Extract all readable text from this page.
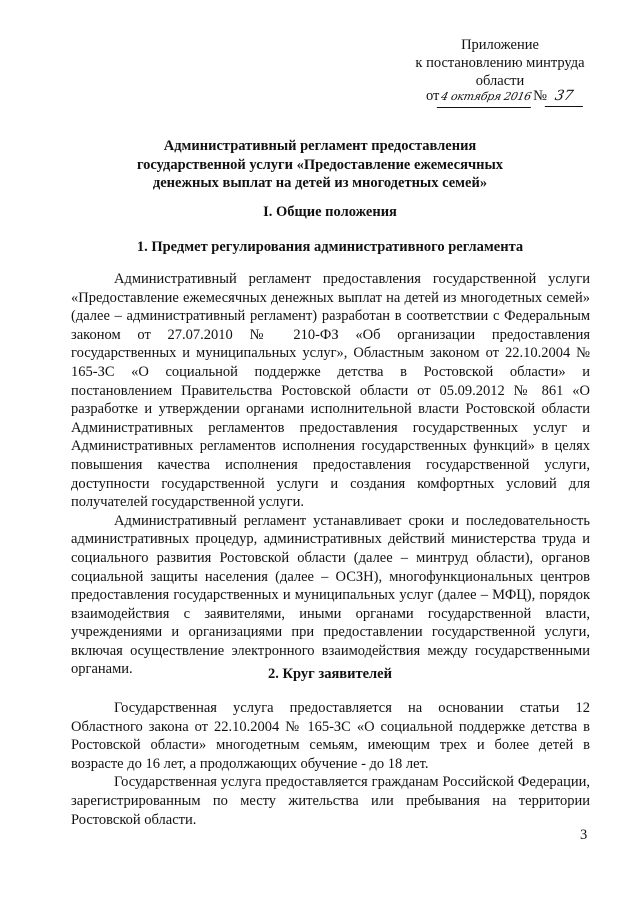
Приложение
к постановлению минтруда
области
от4 октября 2016№ 37
Административный регламент предоставления
государственной услуги «Предоставление ежемесячных
денежных выплат на детей из многодетных семей»
I. Общие положения
1. Предмет регулирования административного регламента

Административный регламент предоставления государственной услуги «Предоставление ежемесячных денежных выплат на детей из многодетных семей» (далее – административный регламент) разработан в соответствии с Федеральным законом от 27.07.2010 № 210-ФЗ «Об организации предоставления государственных и муниципальных услуг», Областным законом от 22.10.2004 № 165-ЗС «О социальной поддержке детства в Ростовской области» и постановлением Правительства Ростовской области от 05.09.2012 № 861 «О разработке и утверждении органами исполнительной власти Ростовской области Административных регламентов предоставления государственных услуг и Административных регламентов исполнения государственных функций» в целях повышения качества исполнения предоставления государственной услуги, доступности государственной услуги и создания комфортных условий для получателей государственной услуги.

Административный регламент устанавливает сроки и последовательность административных процедур, административных действий министерства труда и социального развития Ростовской области (далее – минтруд области), органов социальной защиты населения (далее – ОСЗН), многофункциональных центров предоставления государственных и муниципальных услуг (далее – МФЦ), порядок взаимодействия с заявителями, иными органами государственной власти, учреждениями и организациями при предоставлении государственной услуги, включая осуществление электронного взаимодействия между государственными органами.	2. Круг заявителей

Государственная услуга предоставляется на основании статьи 12 Областного закона от 22.10.2004 № 165-ЗС «О социальной поддержке детства в Ростовской области» многодетным семьям, имеющим трех и более детей в возрасте до 16 лет, а продолжающих обучение - до 18 лет.

Государственная услуга предоставляется гражданам Российской Федерации, зарегистрированным по месту жительства или пребывания на территории Ростовской области.

3
